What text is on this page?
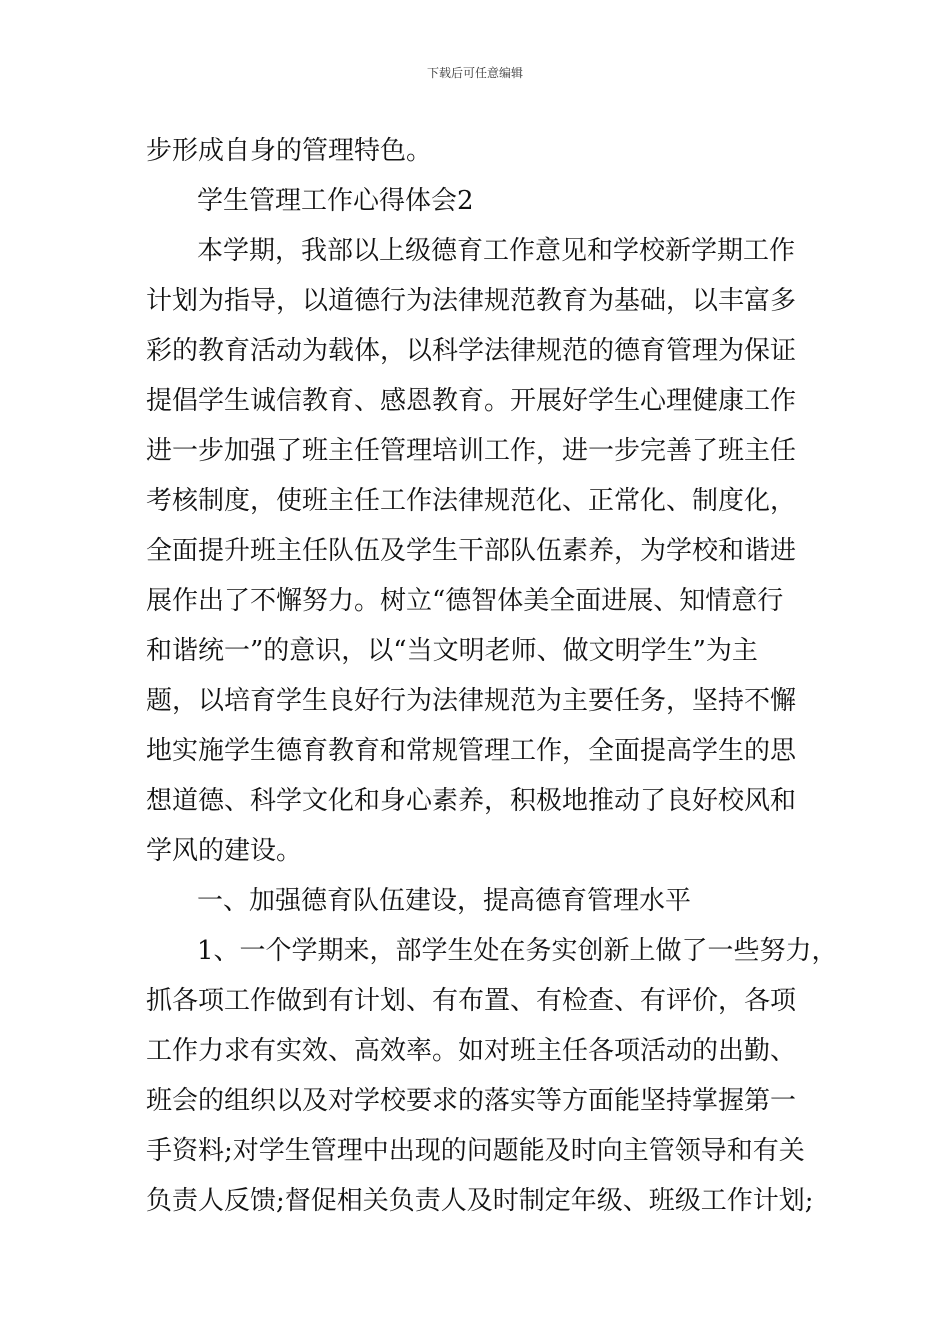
下载后可任意编辑
步形成自身的管理特色。
学生管理工作心得体会2
本学期，我部以上级德育工作意见和学校新学期工作
计划为指导，以道德行为法律规范教育为基础，以丰富多
彩的教育活动为载体，以科学法律规范的德育管理为保证
提倡学生诚信教育、感恩教育。开展好学生心理健康工作
进一步加强了班主任管理培训工作，进一步完善了班主任
考核制度，使班主任工作法律规范化、正常化、制度化，
全面提升班主任队伍及学生干部队伍素养，为学校和谐进
展作出了不懈努力。树立“德智体美全面进展、知情意行
和谐统一”的意识，以“当文明老师、做文明学生”为主
题，以培育学生良好行为法律规范为主要任务，坚持不懈
地实施学生德育教育和常规管理工作，全面提高学生的思
想道德、科学文化和身心素养，积极地推动了良好校风和
学风的建设。
一、加强德育队伍建设，提高德育管理水平
1、一个学期来，部学生处在务实创新上做了一些努力，
抓各项工作做到有计划、有布置、有检查、有评价，各项
工作力求有实效、高效率。如对班主任各项活动的出勤、
班会的组织以及对学校要求的落实等方面能坚持掌握第一
手资料;对学生管理中出现的问题能及时向主管领导和有关
负责人反馈;督促相关负责人及时制定年级、班级工作计划;
